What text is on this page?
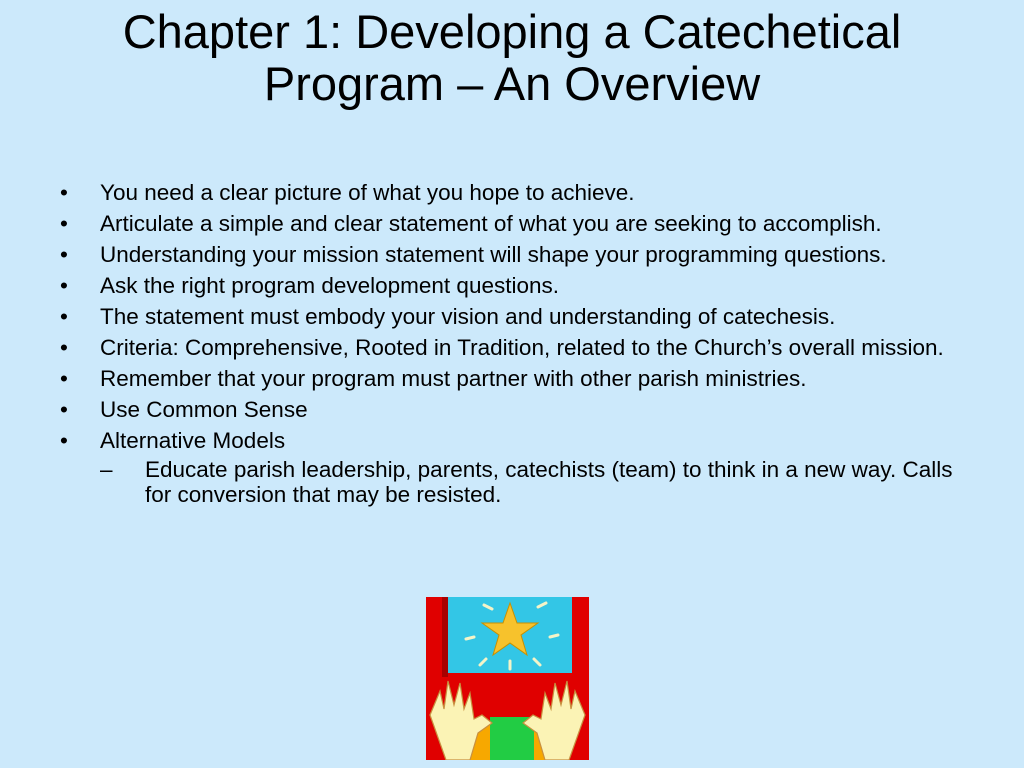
Chapter 1: Developing a Catechetical Program – An Overview
• You need a clear picture of what you hope to achieve.
• Articulate a simple and clear statement of what you are seeking to accomplish.
• Understanding your mission statement will shape your programming questions.
• Ask the right program development questions.
• The statement must embody your vision and understanding of catechesis.
• Criteria: Comprehensive, Rooted in Tradition, related to the Church’s overall mission.
• Remember that your program must partner with other parish ministries.
• Use Common Sense
• Alternative Models
– Educate parish leadership, parents, catechists (team) to think in a new way. Calls for conversion that may be resisted.
